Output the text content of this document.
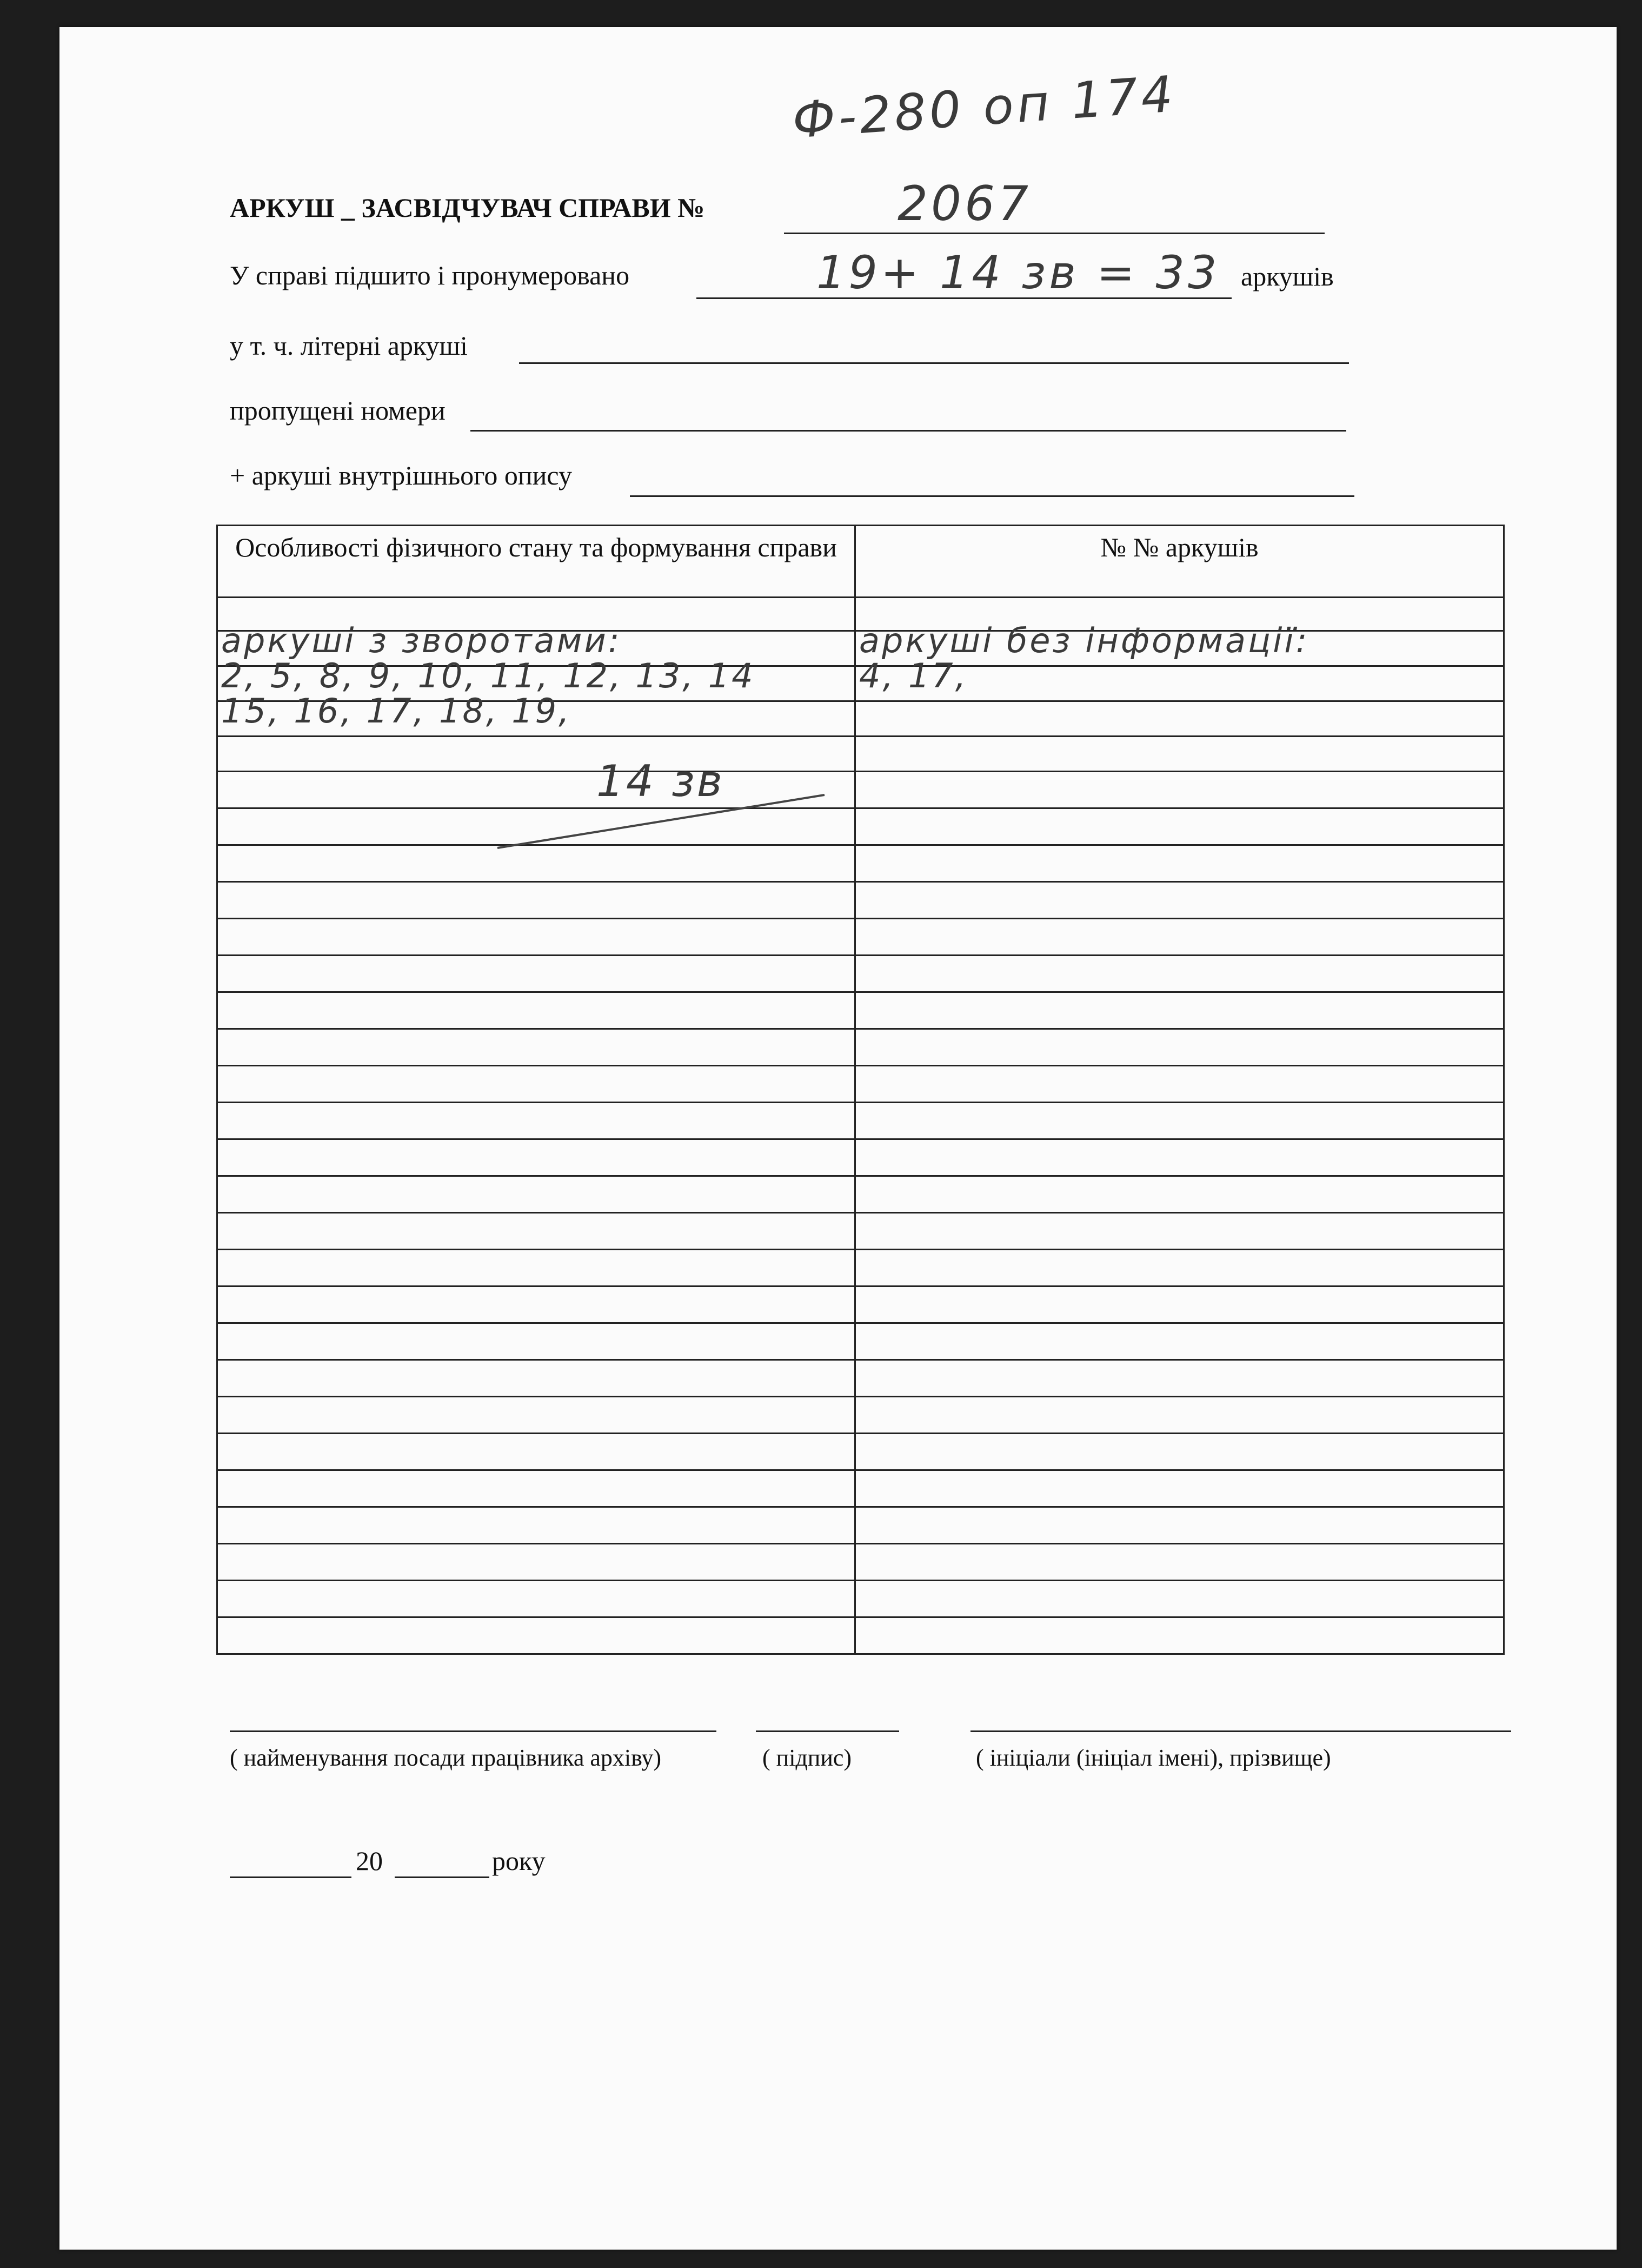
Ф-280 оп 174
АРКУШ _ ЗАСВІДЧУВАЧ СПРАВИ №	2067
У справі підшито і пронумеровано	19+ 14 зв = 33 аркушів
у т. ч. літерні аркуші
пропущені номери
+ аркуші внутрішнього опису
Особливості фізичного стану та формування справи	№ № аркушів

аркуші з зворотами:	аркуші без інформації:

2, 5, 8, 9, 10, 11, 12, 13, 14	4, 17,

15, 16, 17, 18, 19,	

14 зв	

( найменування посади працівника архіву)	( підпис)	( ініціали (ініціал імені), прізвище)
20	року
